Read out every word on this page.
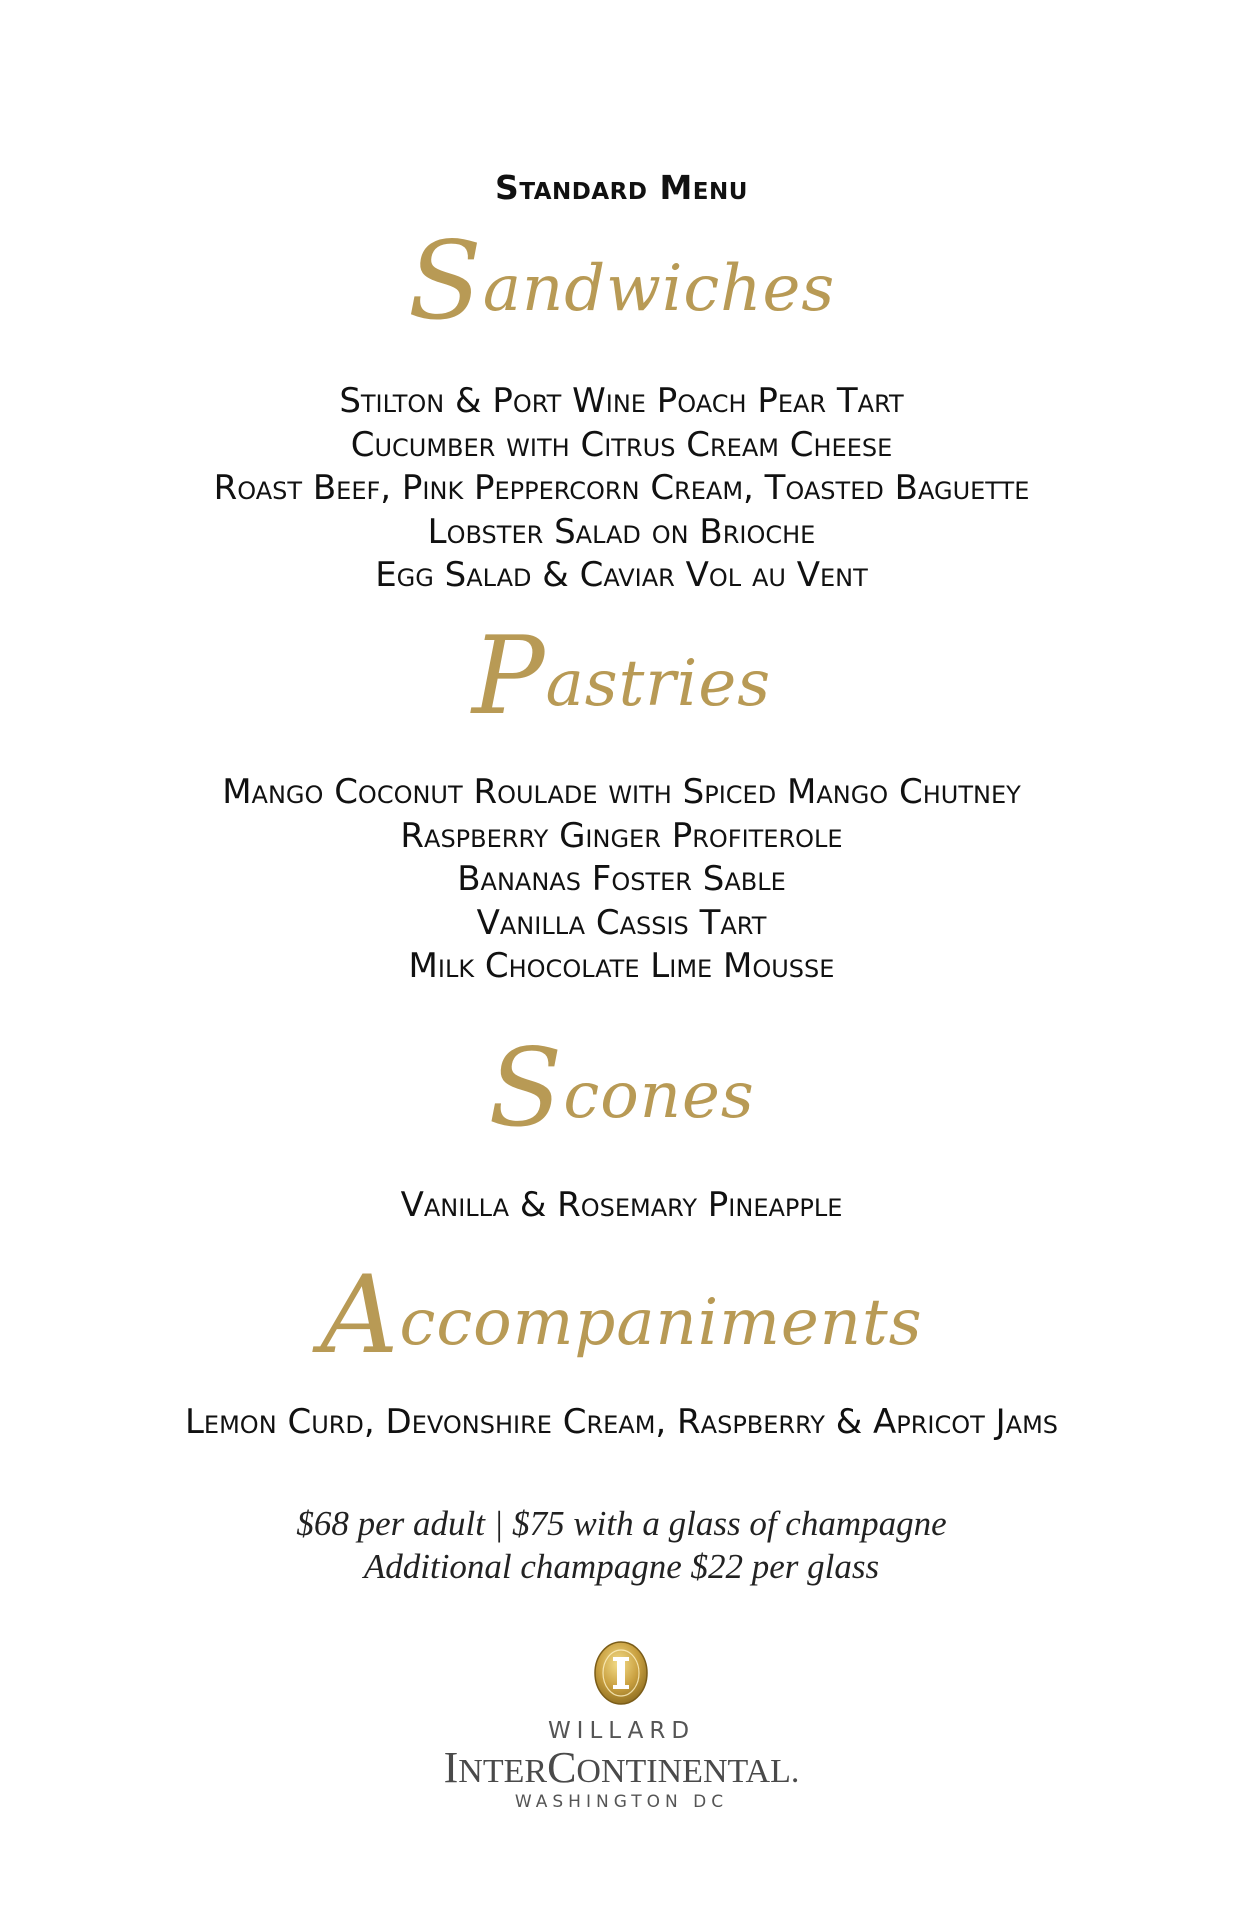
Standard Menu
Sandwiches
Stilton & Port Wine Poach Pear Tart
Cucumber with Citrus Cream Cheese
Roast Beef, Pink Peppercorn Cream, Toasted Baguette
Lobster Salad on Brioche
Egg Salad & Caviar Vol au Vent
Pastries
Mango Coconut Roulade with Spiced Mango Chutney
Raspberry Ginger Profiterole
Bananas Foster Sable
Vanilla Cassis Tart
Milk Chocolate Lime Mousse
Scones
Vanilla & Rosemary Pineapple
Accompaniments
Lemon Curd, Devonshire Cream, Raspberry & Apricot Jams
$68 per adult | $75 with a glass of champagne
Additional champagne $22 per glass
WILLARD
INTERCONTINENTAL.
WASHINGTON DC
